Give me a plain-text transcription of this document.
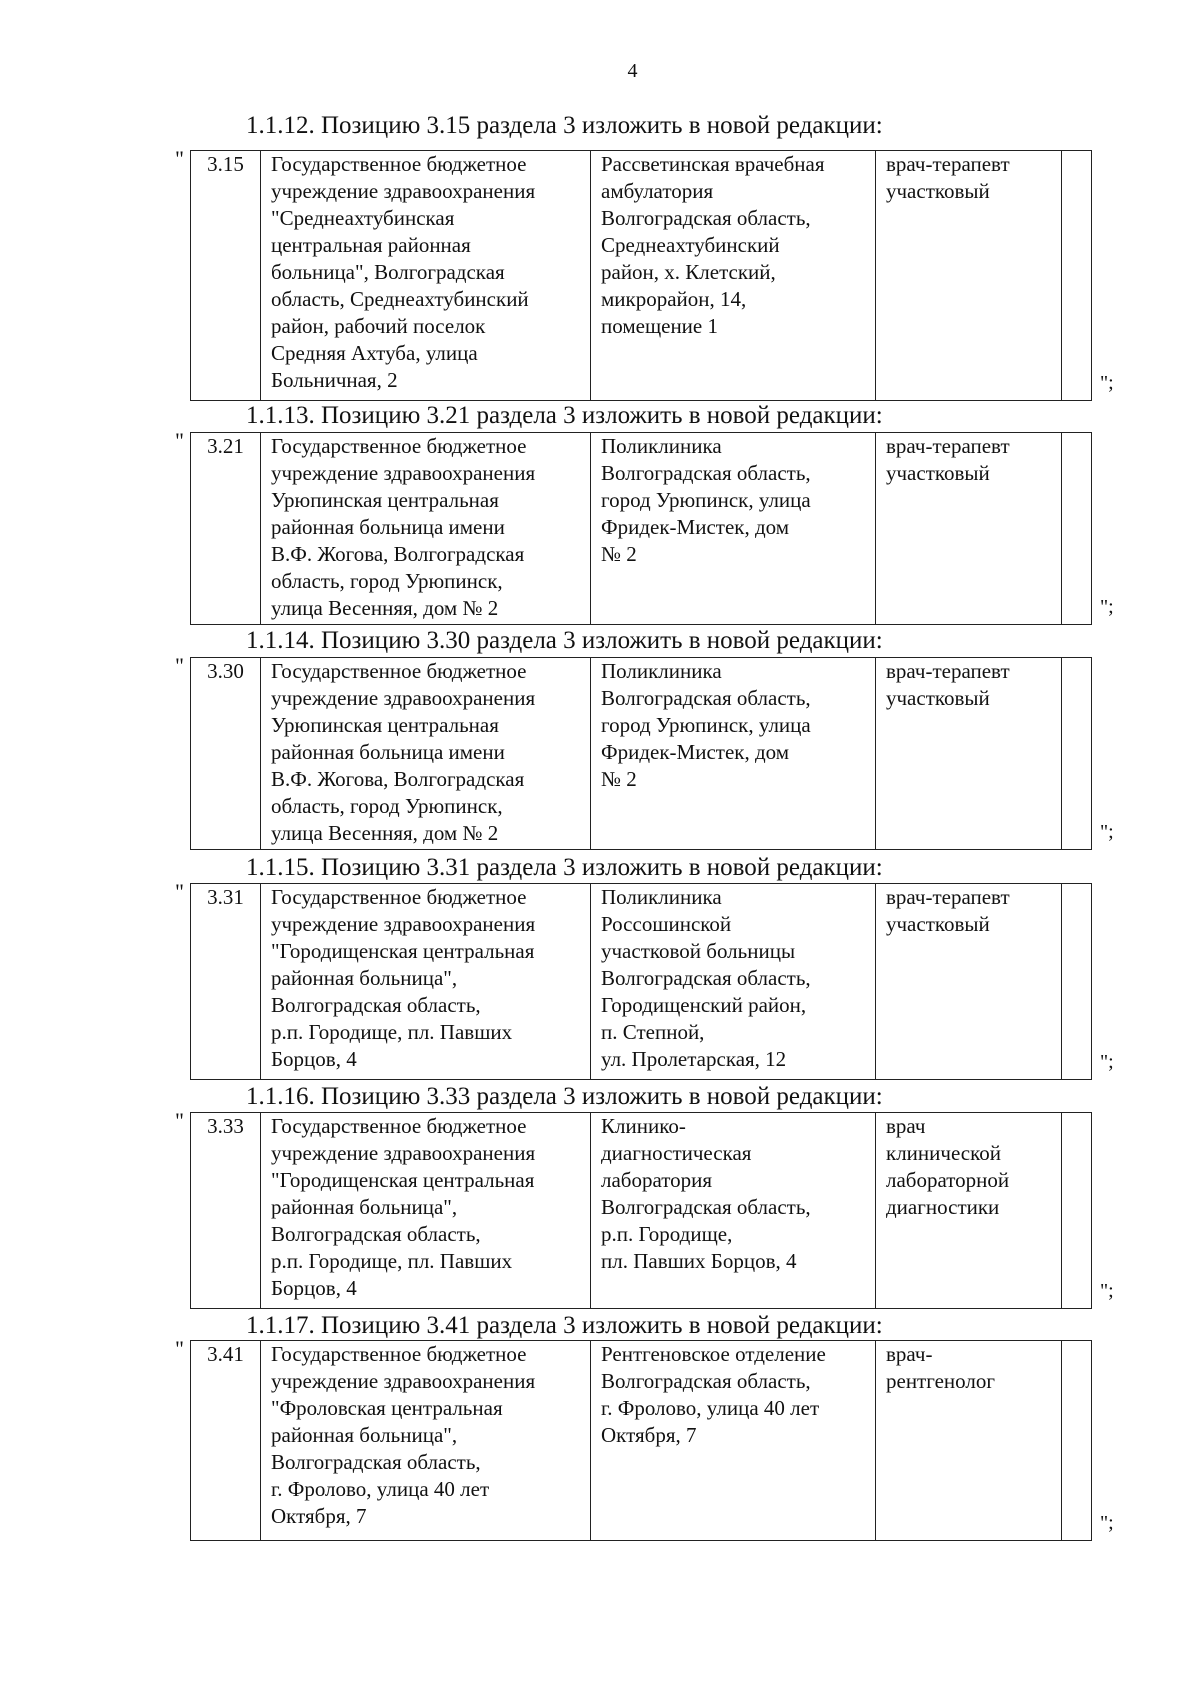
4
1.1.12. Позицию 3.15 раздела 3 изложить в новой редакции:
" 3.15	Государственное бюджетное
учреждение здравоохранения
"Среднеахтубинская
центральная районная
больница", Волгоградская
область, Среднеахтубинский
район, рабочий поселок
Средняя Ахтуба, улица
Больничная, 2

Рассветинская врачебная
амбулатория
Волгоградская область,
Среднеахтубинский
район, х. Клетский,
микрорайон, 14,
помещение 1

врач-терапевт
участковый

";
1.1.13. Позицию 3.21 раздела 3 изложить в новой редакции:
" 3.21	Государственное бюджетное
учреждение здравоохранения
Урюпинская центральная
районная больница имени
В.Ф. Жогова, Волгоградская
область, город Урюпинск,
улица Весенняя, дом № 2

Поликлиника
Волгоградская область,
город Урюпинск, улица
Фридек-Мистек, дом
№ 2

врач-терапевт
участковый

";
1.1.14. Позицию 3.30 раздела 3 изложить в новой редакции:
" 3.30	Государственное бюджетное
учреждение здравоохранения
Урюпинская центральная
районная больница имени
В.Ф. Жогова, Волгоградская
область, город Урюпинск,
улица Весенняя, дом № 2

Поликлиника
Волгоградская область,
город Урюпинск, улица
Фридек-Мистек, дом
№ 2

врач-терапевт
участковый

";
1.1.15. Позицию 3.31 раздела 3 изложить в новой редакции:
" 3.31	Государственное бюджетное
учреждение здравоохранения
"Городищенская центральная
районная больница",
Волгоградская область,
р.п. Городище, пл. Павших
Борцов, 4

Поликлиника
Россошинской
участковой больницы
Волгоградская область,
Городищенский район,
п. Степной,
ул. Пролетарская, 12

врач-терапевт
участковый

";
1.1.16. Позицию 3.33 раздела 3 изложить в новой редакции:
" 3.33	Государственное бюджетное
учреждение здравоохранения
"Городищенская центральная
районная больница",
Волгоградская область,
р.п. Городище, пл. Павших
Борцов, 4

Клинико-
диагностическая
лаборатория
Волгоградская область,
р.п. Городище,
пл. Павших Борцов, 4

врач
клинической
лабораторной
диагностики

";
1.1.17. Позицию 3.41 раздела 3 изложить в новой редакции:
" 3.41	Государственное бюджетное
учреждение здравоохранения
"Фроловская центральная
районная больница",
Волгоградская область,
г. Фролово, улица 40 лет
Октября, 7

Рентгеновское отделение
Волгоградская область,
г. Фролово, улица 40 лет
Октября, 7

врач-
рентгенолог

";
